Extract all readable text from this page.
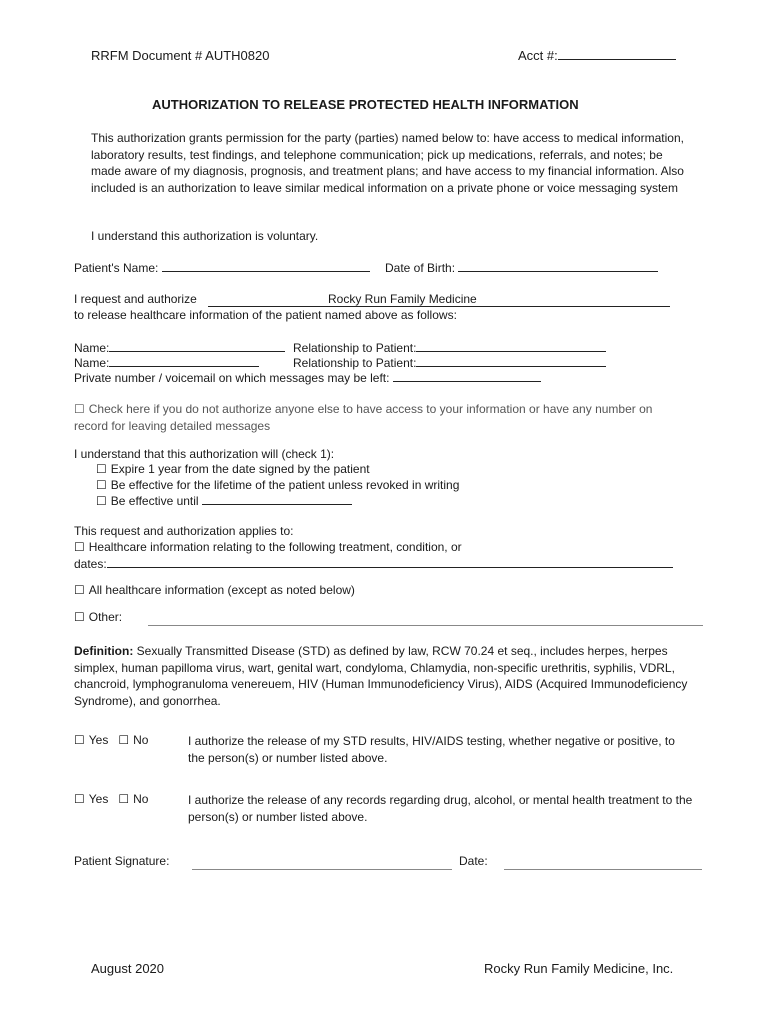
RRFM Document # AUTH0820	Acct #:
AUTHORIZATION TO RELEASE PROTECTED HEALTH INFORMATION
This authorization grants permission for the party (parties) named below to: have access to medical information, laboratory results, test findings, and telephone communication; pick up medications, referrals, and notes; be made aware of my diagnosis, prognosis, and treatment plans; and have access to my financial information. Also included is an authorization to leave similar medical information on a private phone or voice messaging system
I understand this authorization is voluntary.
Patient's Name:	Date of Birth:
I request and authorize	Rocky Run Family Medicine
to release healthcare information of the patient named above as follows:
Name:	Relationship to Patient:
Name:	Relationship to Patient:
Private number / voicemail on which messages may be left:
☐ Check here if you do not authorize anyone else to have access to your information or have any number on record for leaving detailed messages
I understand that this authorization will (check 1):
☐ Expire 1 year from the date signed by the patient
☐ Be effective for the lifetime of the patient unless revoked in writing
☐ Be effective until
This request and authorization applies to:
☐ Healthcare information relating to the following treatment, condition, or
dates:
☐ All healthcare information (except as noted below)
☐ Other:
Definition: Sexually Transmitted Disease (STD) as defined by law, RCW 70.24 et seq., includes herpes, herpes simplex, human papilloma virus, wart, genital wart, condyloma, Chlamydia, non-specific urethritis, syphilis, VDRL, chancroid, lymphogranuloma venereuem, HIV (Human Immunodeficiency Virus), AIDS (Acquired Immunodeficiency Syndrome), and gonorrhea.
☐ Yes ☐ No	I authorize the release of my STD results, HIV/AIDS testing, whether negative or positive, to the person(s) or number listed above.
☐ Yes ☐ No	I authorize the release of any records regarding drug, alcohol, or mental health treatment to the person(s) or number listed above.
Patient Signature:	Date:
August 2020	Rocky Run Family Medicine, Inc.
